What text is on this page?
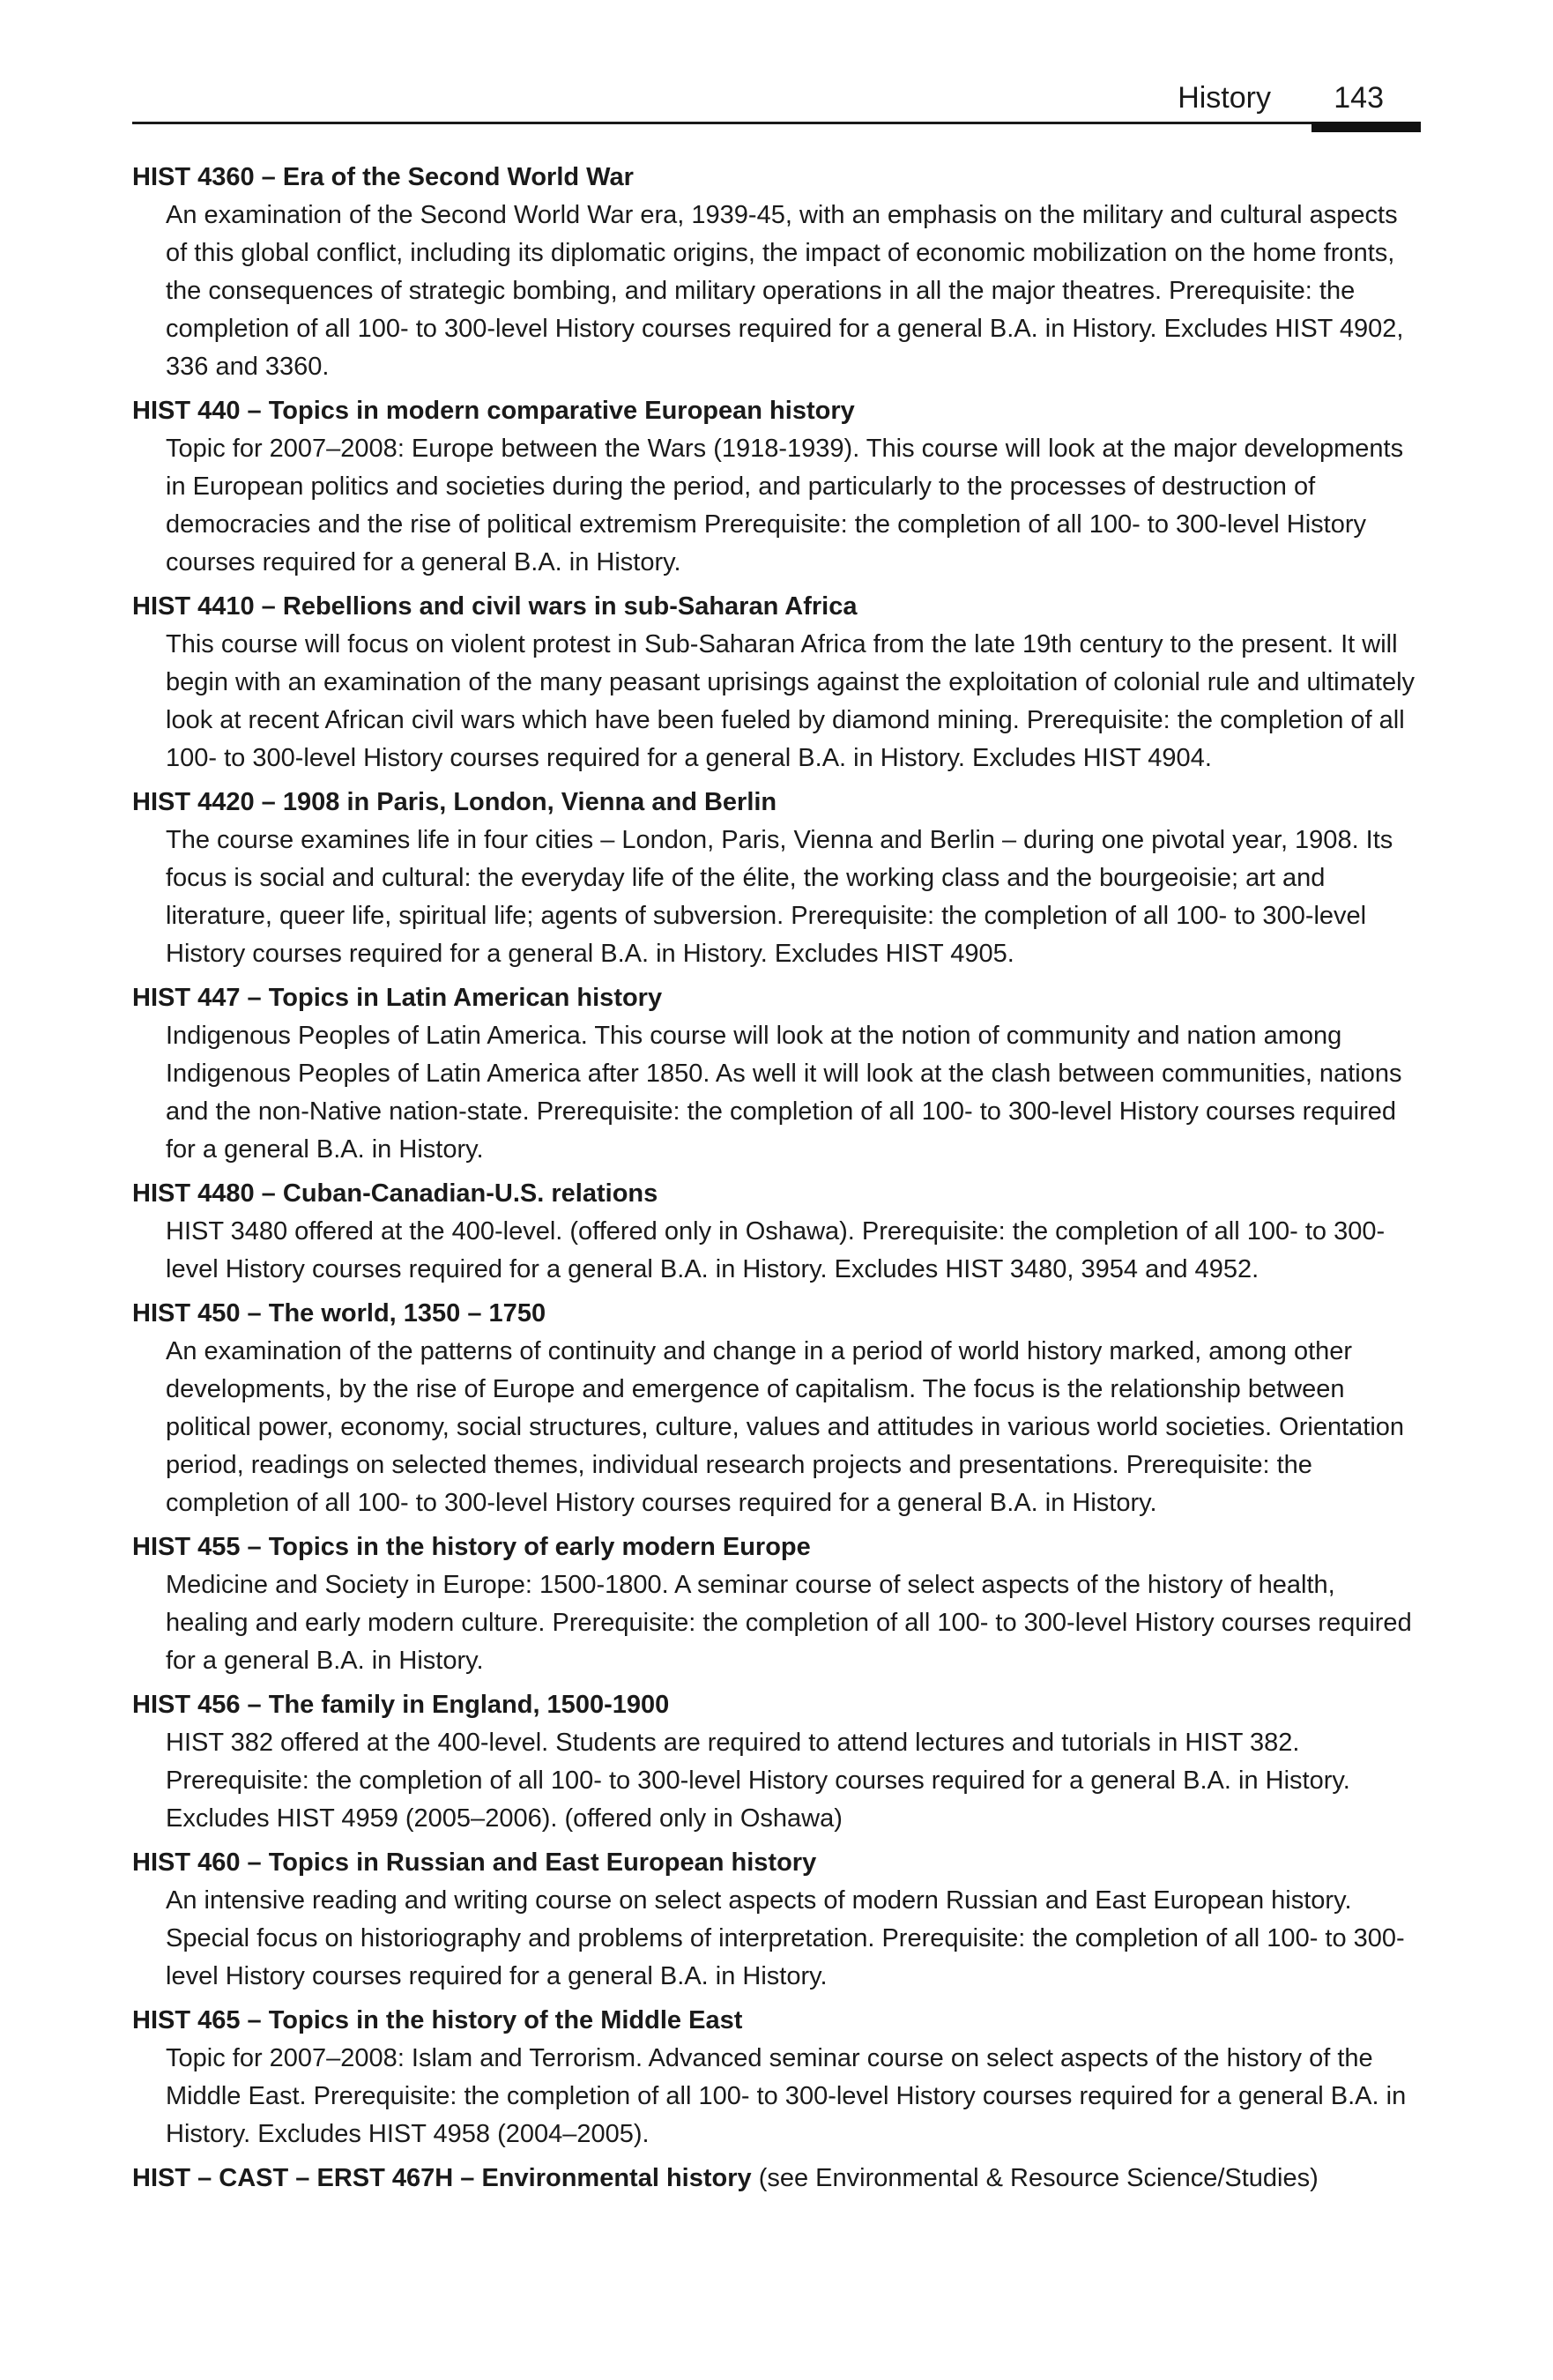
History 143
HIST 4360 – Era of the Second World War
An examination of the Second World War era, 1939-45, with an emphasis on the military and cultural aspects of this global conflict, including its diplomatic origins, the impact of economic mobilization on the home fronts, the consequences of strategic bombing, and military operations in all the major theatres. Prerequisite: the completion of all 100- to 300-level History courses required for a general B.A. in History. Excludes HIST 4902, 336 and 3360.
HIST 440 – Topics in modern comparative European history
Topic for 2007–2008: Europe between the Wars (1918-1939). This course will look at the major developments in European politics and societies during the period, and particularly to the processes of destruction of democracies and the rise of political extremism Prerequisite: the completion of all 100- to 300-level History courses required for a general B.A. in History.
HIST 4410 – Rebellions and civil wars in sub-Saharan Africa
This course will focus on violent protest in Sub-Saharan Africa from the late 19th century to the present. It will begin with an examination of the many peasant uprisings against the exploitation of colonial rule and ultimately look at recent African civil wars which have been fueled by diamond mining. Prerequisite: the completion of all 100- to 300-level History courses required for a general B.A. in History. Excludes HIST 4904.
HIST 4420 – 1908 in Paris, London, Vienna and Berlin
The course examines life in four cities – London, Paris, Vienna and Berlin – during one pivotal year, 1908. Its focus is social and cultural: the everyday life of the élite, the working class and the bourgeoisie; art and literature, queer life, spiritual life; agents of subversion. Prerequisite: the completion of all 100- to 300-level History courses required for a general B.A. in History. Excludes HIST 4905.
HIST 447 – Topics in Latin American history
Indigenous Peoples of Latin America. This course will look at the notion of community and nation among Indigenous Peoples of Latin America after 1850. As well it will look at the clash between communities, nations and the non-Native nation-state. Prerequisite: the completion of all 100- to 300-level History courses required for a general B.A. in History.
HIST 4480 – Cuban-Canadian-U.S. relations
HIST 3480 offered at the 400-level. (offered only in Oshawa). Prerequisite: the completion of all 100- to 300-level History courses required for a general B.A. in History. Excludes HIST 3480, 3954 and 4952.
HIST 450 – The world, 1350 – 1750
An examination of the patterns of continuity and change in a period of world history marked, among other developments, by the rise of Europe and emergence of capitalism. The focus is the relationship between political power, economy, social structures, culture, values and attitudes in various world societies. Orientation period, readings on selected themes, individual research projects and presentations. Prerequisite: the completion of all 100- to 300-level History courses required for a general B.A. in History.
HIST 455 – Topics in the history of early modern Europe
Medicine and Society in Europe: 1500-1800. A seminar course of select aspects of the history of health, healing and early modern culture. Prerequisite: the completion of all 100- to 300-level History courses required for a general B.A. in History.
HIST 456 – The family in England, 1500-1900
HIST 382 offered at the 400-level. Students are required to attend lectures and tutorials in HIST 382. Prerequisite: the completion of all 100- to 300-level History courses required for a general B.A. in History. Excludes HIST 4959 (2005–2006). (offered only in Oshawa)
HIST 460 – Topics in Russian and East European history
An intensive reading and writing course on select aspects of modern Russian and East European history. Special focus on historiography and problems of interpretation. Prerequisite: the completion of all 100- to 300-level History courses required for a general B.A. in History.
HIST 465 – Topics in the history of the Middle East
Topic for 2007–2008: Islam and Terrorism. Advanced seminar course on select aspects of the history of the Middle East. Prerequisite: the completion of all 100- to 300-level History courses required for a general B.A. in History. Excludes HIST 4958 (2004–2005).
HIST – CAST – ERST 467H – Environmental history (see Environmental & Resource Science/Studies)
